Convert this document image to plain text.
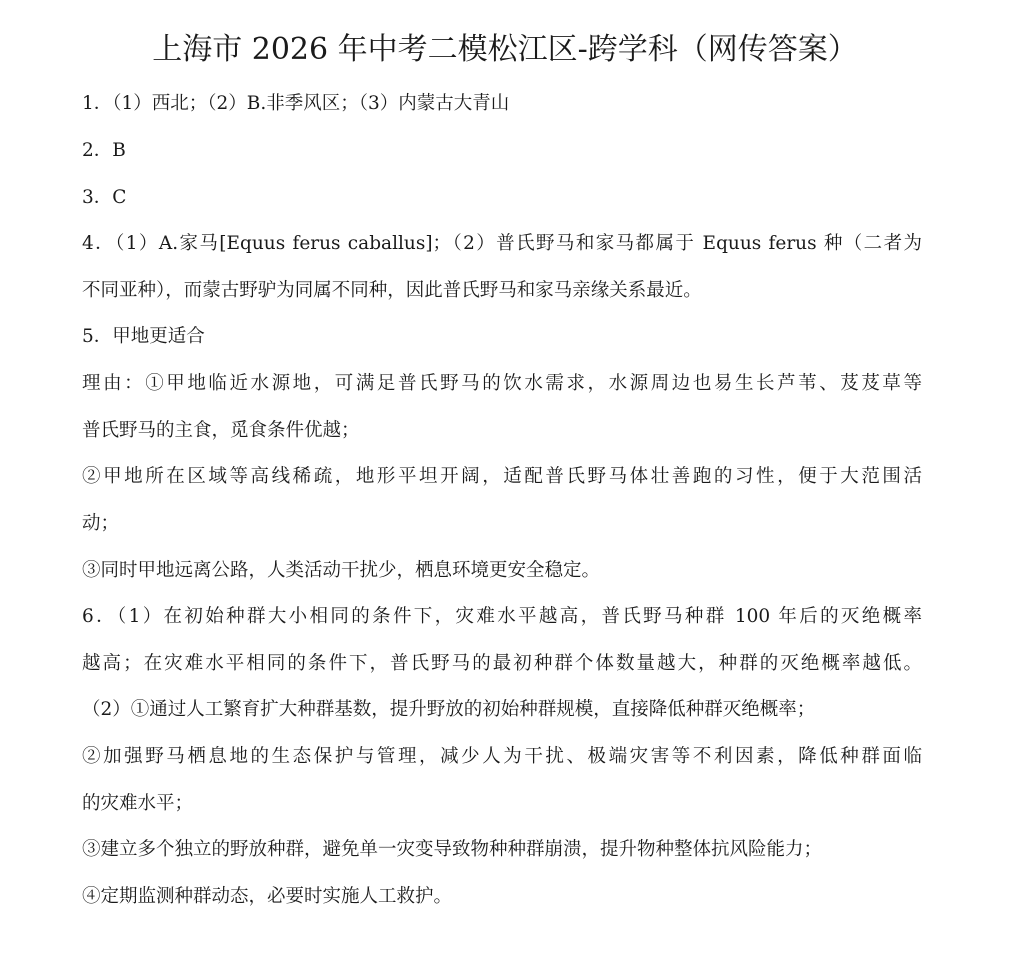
上海市 2026 年中考二模松江区-跨学科（网传答案）
1．（1）西北；（2）B.非季风区；（3）内蒙古大青山
2．B
3．C
4．（1）A.家马[Equus ferus caballus]；（2）普氏野马和家马都属于 Equus ferus 种（二者为
不同亚种），而蒙古野驴为同属不同种，因此普氏野马和家马亲缘关系最近。
5．甲地更适合
理由：①甲地临近水源地，可满足普氏野马的饮水需求，水源周边也易生长芦苇、芨芨草等
普氏野马的主食，觅食条件优越；
②甲地所在区域等高线稀疏，地形平坦开阔，适配普氏野马体壮善跑的习性，便于大范围活
动；
③同时甲地远离公路，人类活动干扰少，栖息环境更安全稳定。
6．（1）在初始种群大小相同的条件下，灾难水平越高，普氏野马种群 100 年后的灭绝概率
越高；在灾难水平相同的条件下，普氏野马的最初种群个体数量越大，种群的灭绝概率越低。
（2）①通过人工繁育扩大种群基数，提升野放的初始种群规模，直接降低种群灭绝概率；
②加强野马栖息地的生态保护与管理，减少人为干扰、极端灾害等不利因素，降低种群面临
的灾难水平；
③建立多个独立的野放种群，避免单一灾变导致物种种群崩溃，提升物种整体抗风险能力；
④定期监测种群动态，必要时实施人工救护。
